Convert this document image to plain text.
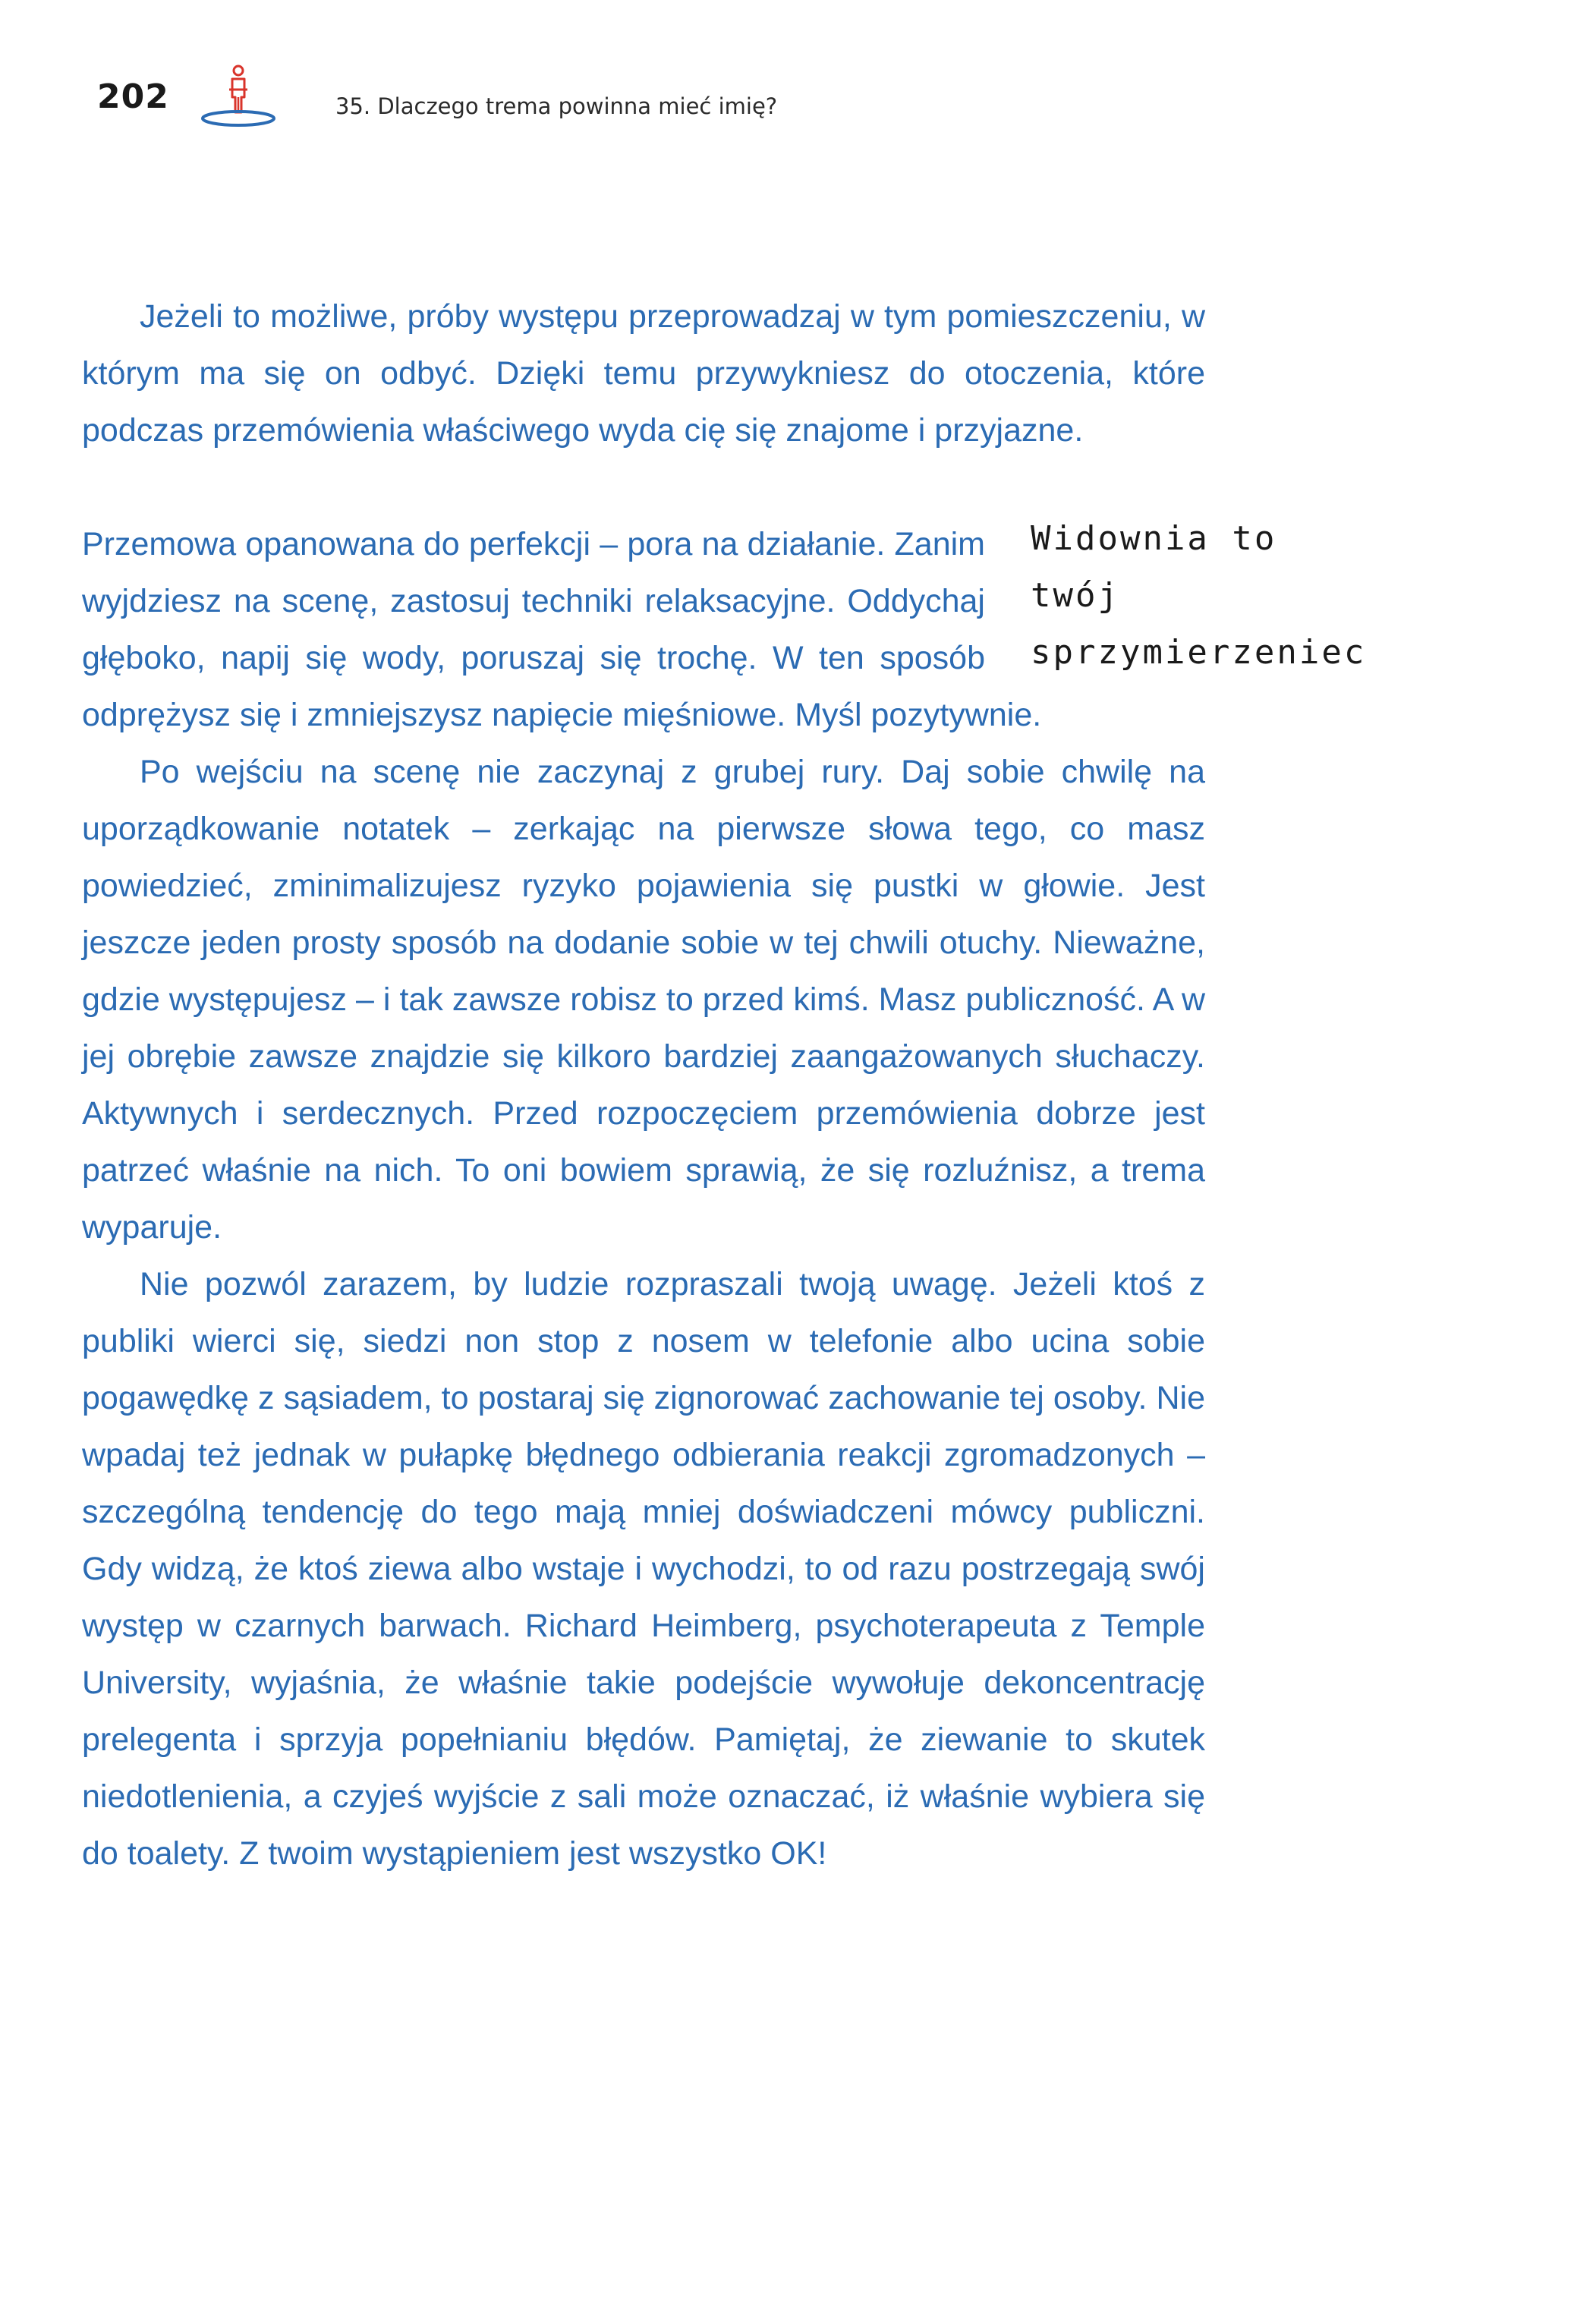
202	35. Dlaczego trema powinna mieć imię?

Jeżeli to możliwe, próby występu przeprowadzaj w tym pomieszczeniu, w którym ma się on odbyć. Dzięki temu przywykniesz do otoczenia, które podczas przemówienia właściwego wyda cię się znajome i przyjazne.

Widownia to twój
sprzymierzeniec

Przemowa opanowana do perfekcji – pora na działanie. Zanim wyjdziesz na scenę, zastosuj techniki relaksacyjne. Oddychaj głęboko, napij się wody, poruszaj się trochę. W ten sposób odprężysz się i zmniejszysz napięcie mięśniowe. Myśl pozytywnie.

Po wejściu na scenę nie zaczynaj z grubej rury. Daj sobie chwilę na uporządkowanie notatek – zerkając na pierwsze słowa tego, co masz powiedzieć, zminimalizujesz ryzyko pojawienia się pustki w głowie. Jest jeszcze jeden prosty sposób na dodanie sobie w tej chwili otuchy. Nieważne, gdzie występujesz – i tak zawsze robisz to przed kimś. Masz publiczność. A w jej obrębie zawsze znajdzie się kilkoro bardziej zaangażowanych słuchaczy. Aktywnych i serdecznych. Przed rozpoczęciem przemówienia dobrze jest patrzeć właśnie na nich. To oni bowiem sprawią, że się rozluźnisz, a trema wyparuje.

Nie pozwól zarazem, by ludzie rozpraszali twoją uwagę. Jeżeli ktoś z publiki wierci się, siedzi non stop z nosem w telefonie albo ucina sobie pogawędkę z sąsiadem, to postaraj się zignorować zachowanie tej osoby. Nie wpadaj też jednak w pułapkę błędnego odbierania reakcji zgromadzonych – szczególną tendencję do tego mają mniej doświadczeni mówcy publiczni. Gdy widzą, że ktoś ziewa albo wstaje i wychodzi, to od razu postrzegają swój występ w czarnych barwach. Richard Heimberg, psychoterapeuta z Temple University, wyjaśnia, że właśnie takie podejście wywołuje dekoncentrację prelegenta i sprzyja popełnianiu błędów. Pamiętaj, że ziewanie to skutek niedotlenienia, a czyjeś wyjście z sali może oznaczać, iż właśnie wybiera się do toalety. Z twoim wystąpieniem jest wszystko OK!
